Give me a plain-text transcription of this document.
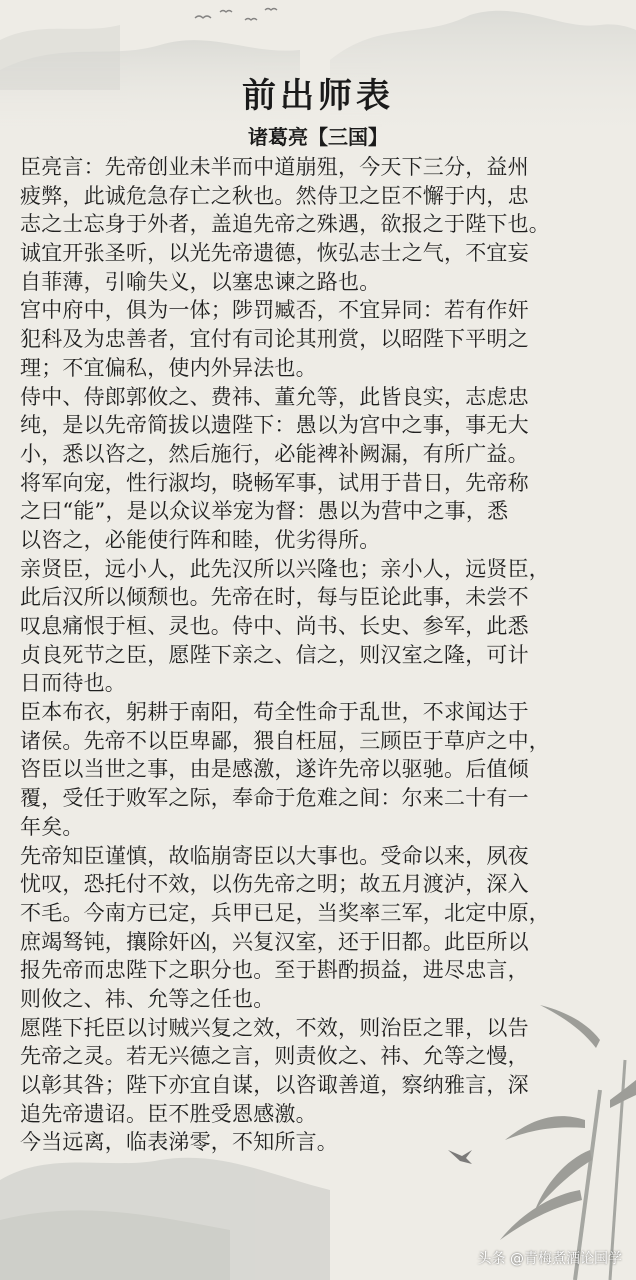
前出师表
诸葛亮【三国】
臣亮言：先帝创业未半而中道崩殂，今天下三分，益州
疲弊，此诚危急存亡之秋也。然侍卫之臣不懈于内，忠
志之士忘身于外者，盖追先帝之殊遇，欲报之于陛下也。
诚宜开张圣听，以光先帝遗德，恢弘志士之气，不宜妄
自菲薄，引喻失义，以塞忠谏之路也。
宫中府中，俱为一体；陟罚臧否，不宜异同：若有作奸
犯科及为忠善者，宜付有司论其刑赏，以昭陛下平明之
理；不宜偏私，使内外异法也。
侍中、侍郎郭攸之、费祎、董允等，此皆良实，志虑忠
纯，是以先帝简拔以遗陛下：愚以为宫中之事，事无大
小，悉以咨之，然后施行，必能裨补阙漏，有所广益。
将军向宠，性行淑均，晓畅军事，试用于昔日，先帝称
之曰“能”，是以众议举宠为督：愚以为营中之事，悉
以咨之，必能使行阵和睦，优劣得所。
亲贤臣，远小人，此先汉所以兴隆也；亲小人，远贤臣，
此后汉所以倾颓也。先帝在时，每与臣论此事，未尝不
叹息痛恨于桓、灵也。侍中、尚书、长史、参军，此悉
贞良死节之臣，愿陛下亲之、信之，则汉室之隆，可计
日而待也。
臣本布衣，躬耕于南阳，苟全性命于乱世，不求闻达于
诸侯。先帝不以臣卑鄙，猥自枉屈，三顾臣于草庐之中，
咨臣以当世之事，由是感激，遂许先帝以驱驰。后值倾
覆，受任于败军之际，奉命于危难之间：尔来二十有一
年矣。
先帝知臣谨慎，故临崩寄臣以大事也。受命以来，夙夜
忧叹，恐托付不效，以伤先帝之明；故五月渡泸，深入
不毛。今南方已定，兵甲已足，当奖率三军，北定中原，
庶竭驽钝，攘除奸凶，兴复汉室，还于旧都。此臣所以
报先帝而忠陛下之职分也。至于斟酌损益，进尽忠言，
则攸之、祎、允等之任也。
愿陛下托臣以讨贼兴复之效，不效，则治臣之罪，以告
先帝之灵。若无兴德之言，则责攸之、祎、允等之慢，
以彰其咎；陛下亦宜自谋，以咨诹善道，察纳雅言，深
追先帝遗诏。臣不胜受恩感激。
今当远离，临表涕零，不知所言。
头条 @青梅煮酒论国学
